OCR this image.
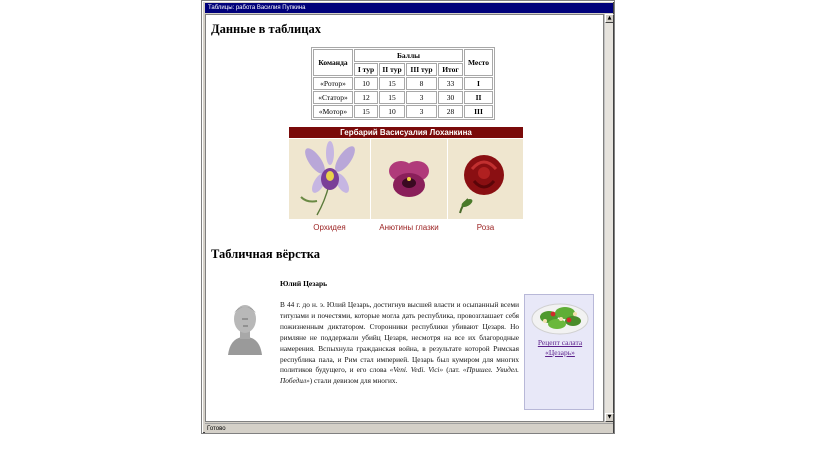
Таблицы: работа Василия Пупкина
Данные в таблицах
Команда	Баллы				Место
	I тур	II тур	III тур	Итог	
«Ротор»	10	15	8	33	I
«Статор»	12	15	3	30	II
«Мотор»	15	10	3	28	III
Гербарий Васисуалия Лоханкина
Орхидея	Анютины глазки	Роза
Табличная вёрстка
Юлий Цезарь
В 44 г. до н. э. Юлий Цезарь, достигнув высшей власти и осыпанный всеми титулами и почестями, которые могла дать республика, провозглашает себя пожизненным диктатором. Сторонники республики убивают Цезаря. Но римляне не поддержали убийц Цезаря, несмотря на все их благородные намерения. Вспыхнула гражданская война, в результате которой Римская республика пала, и Рим стал империей. Цезарь был кумиром для многих политиков будущего, и его слова «Veni. Vedi. Vici» (лат. «Пришел. Увидел. Победил») стали девизом для многих.
Рецепт салата «Цезарь»
▲
▼
Готово
